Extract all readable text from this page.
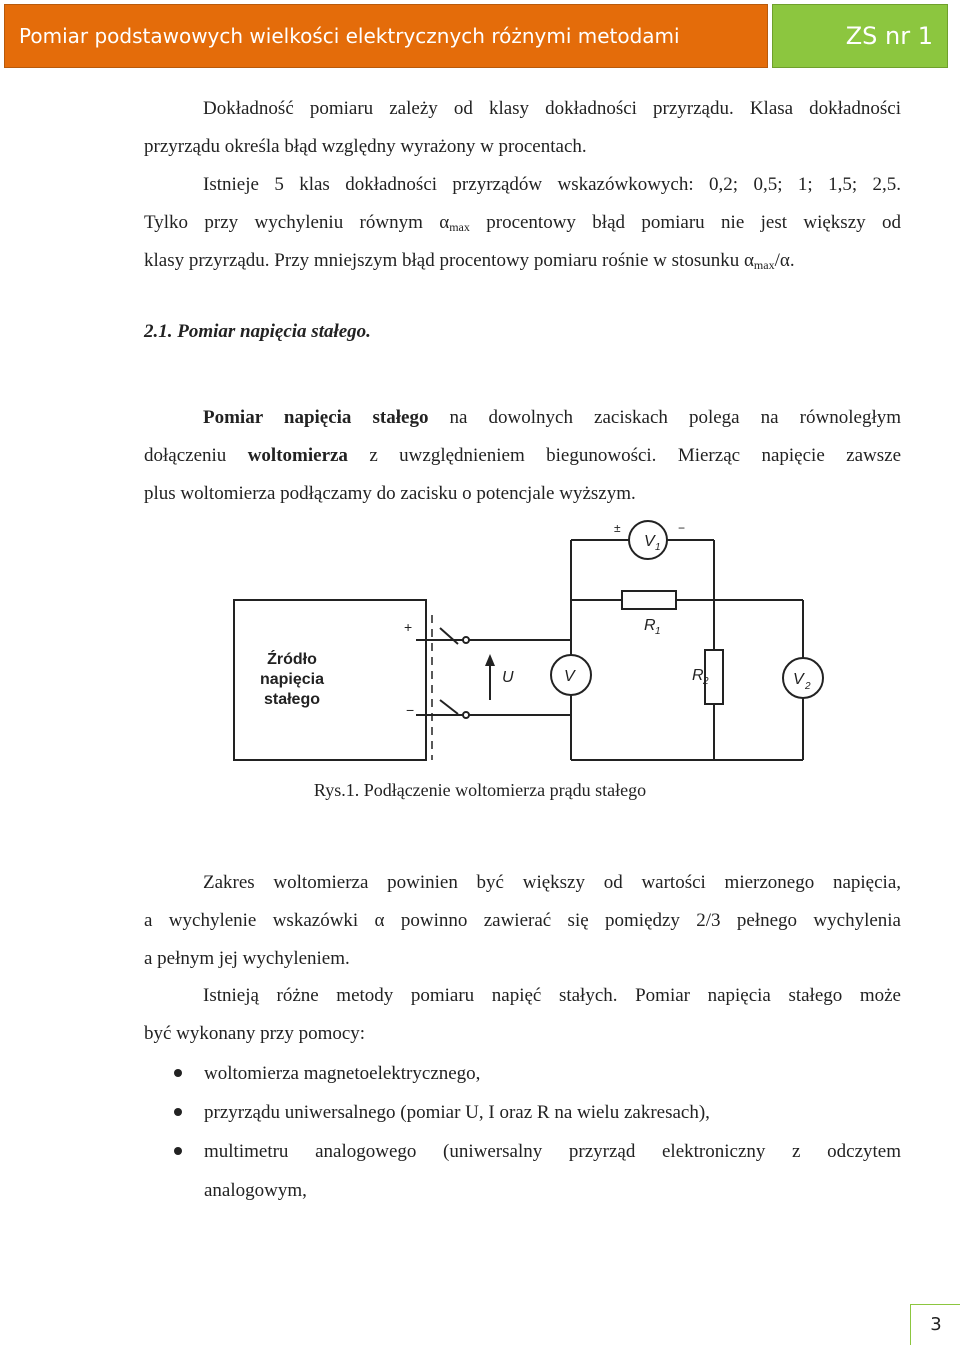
Pomiar podstawowych wielkości elektrycznych różnymi metodami	ZS nr 1
Dokładność pomiaru zależy od klasy dokładności przyrządu. Klasa dokładności
przyrządu określa błąd względny wyrażony w procentach.
Istnieje 5 klas dokładności przyrządów wskazówkowych: 0,2; 0,5; 1; 1,5; 2,5.
Tylko przy wychyleniu równym $\alpha_{max}$ procentowy błąd pomiaru nie jest większy od
klasy przyrządu. Przy mniejszym błąd procentowy pomiaru rośnie w stosunku $\alpha_{max}/\alpha$.
2.1. Pomiar napięcia stałego.
Pomiar napięcia stałego na dowolnych zaciskach polega na równoległym
dołączeniu woltomierza z uwzględnieniem biegunowości. Mierząc napięcie zawsze
plus woltomierza podłączamy do zacisku o potencjale wyższym.
Źródło
napięcia
stałego
+
−
U	V
V 1
±	−
V 2
R 1
R 2
Rys.1. Podłączenie woltomierza prądu stałego
Zakres woltomierza powinien być większy od wartości mierzonego napięcia,
a wychylenie wskazówki α powinno zawierać się pomiędzy 2/3 pełnego wychylenia
a pełnym jej wychyleniem.
Istnieją różne metody pomiaru napięć stałych. Pomiar napięcia stałego może
być wykonany przy pomocy:
woltomierza magnetoelektrycznego,
przyrządu uniwersalnego (pomiar U, I oraz R na wielu zakresach),
multimetru analogowego (uniwersalny przyrząd elektroniczny z odczytem
analogowym,
3
